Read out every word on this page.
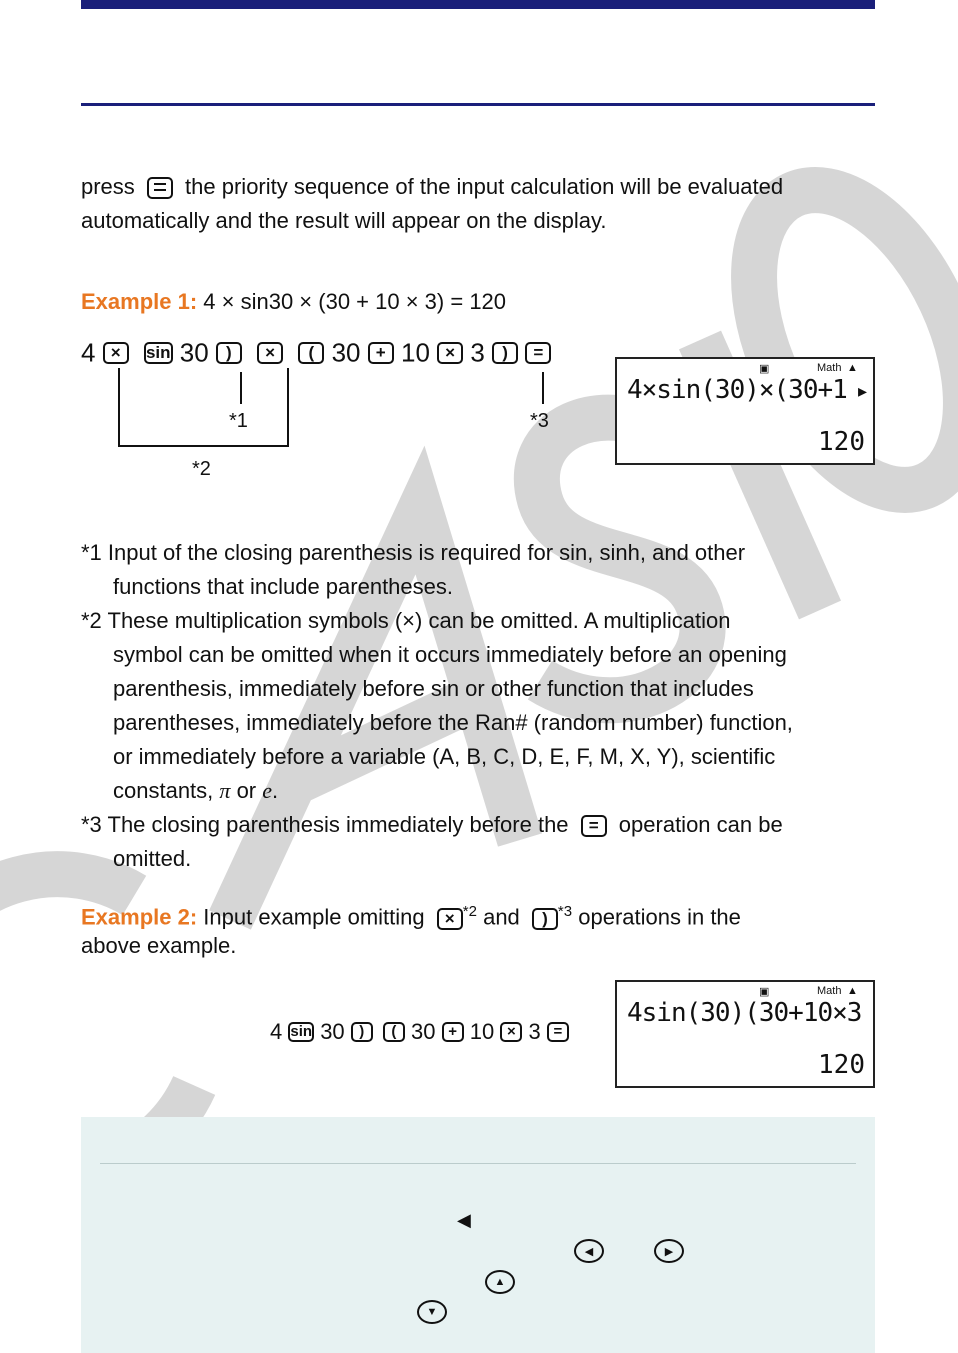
press the priority sequence of the input calculation will be evaluated
automatically and the result will appear on the display.
Example 1: 4 × sin30 × (30 + 10 × 3) = 120
4 × sin 30 ) × ( 30 + 10 × 3 ) =
*1
*2
*3
▣	Math ▲
4×sin(30)×(30+1 ▸
120
*1 Input of the closing parenthesis is required for sin, sinh, and other
functions that include parentheses.
*2 These multiplication symbols (×) can be omitted. A multiplication
symbol can be omitted when it occurs immediately before an opening
parenthesis, immediately before sin or other function that includes
parentheses, immediately before the Ran# (random number) function,
or immediately before a variable (A, B, C, D, E, F, M, X, Y), scientific
constants, π or e.
*3 The closing parenthesis immediately before the = operation can be
omitted.
Example 2: Input example omitting × $^{*2}$ and ) $^{*3}$ operations in the
above example.
4 sin 30 ) ( 30 + 10 × 3 =
▣	Math ▲
4sin(30)(30+10×3
120
◀
◀	▶
▲
▼
